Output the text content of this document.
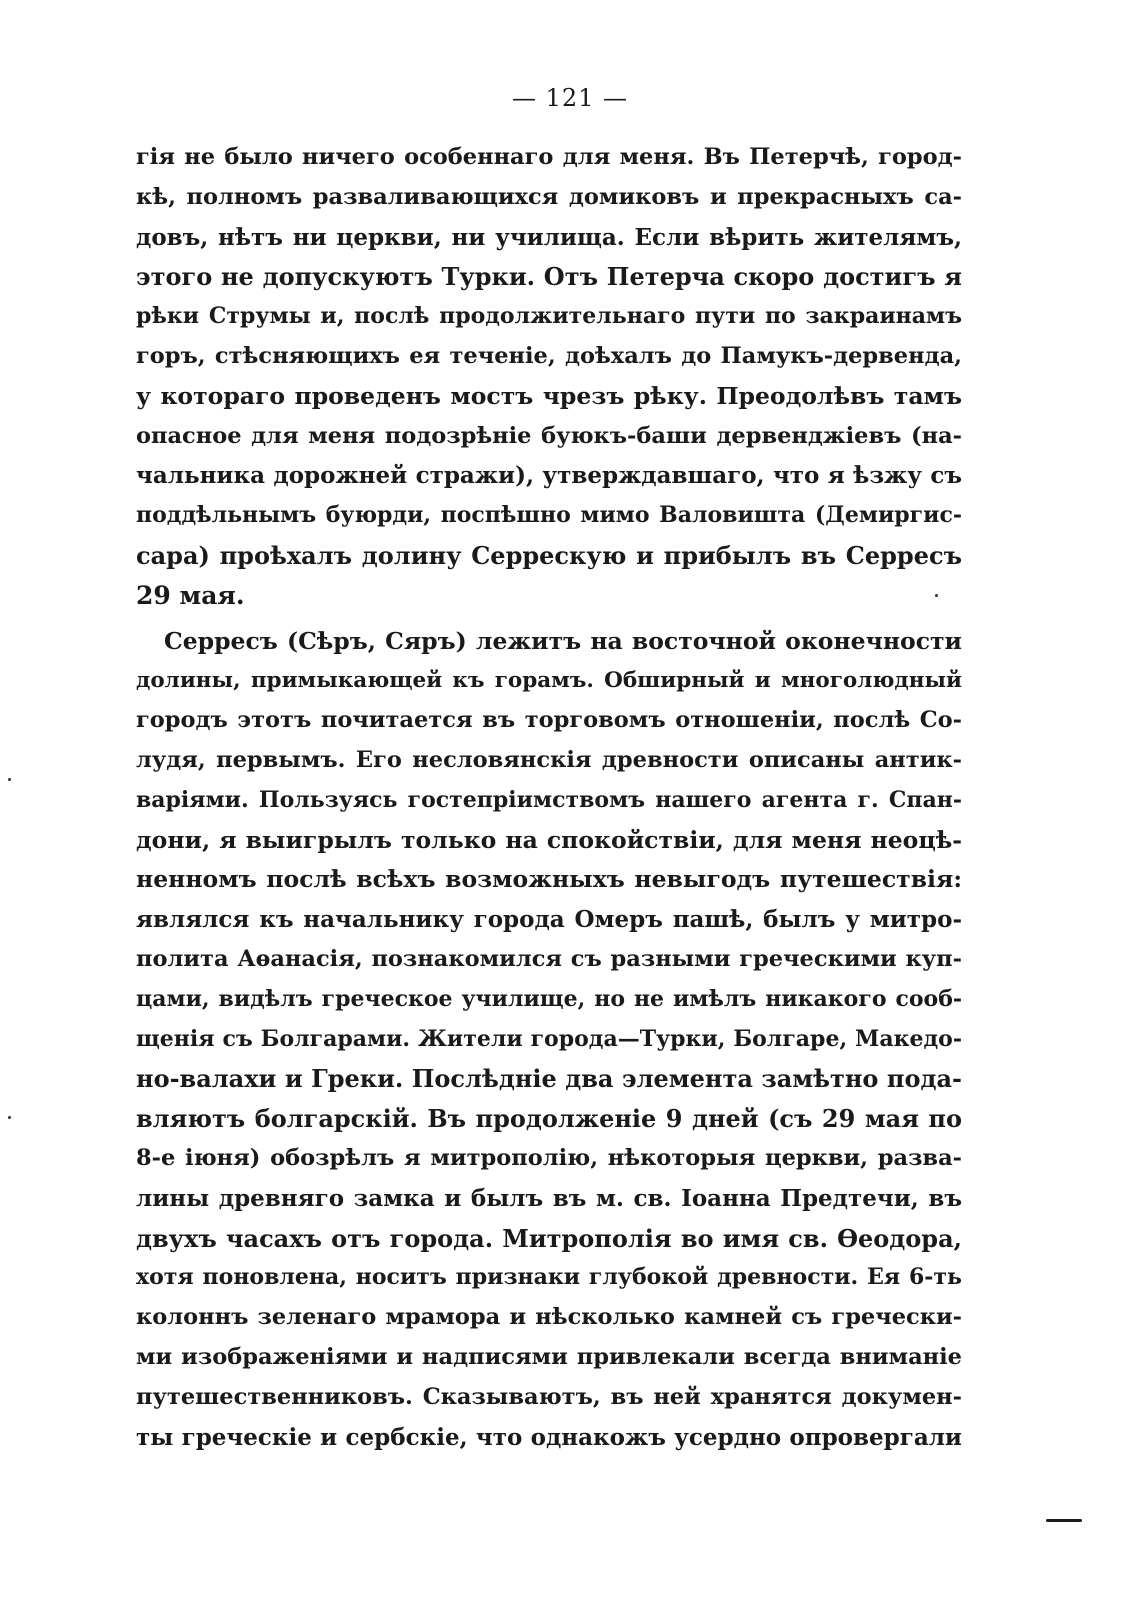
— 121 —
гія не было ничего особеннаго для меня. Въ Петерчѣ, город-
кѣ, полномъ разваливающихся домиковъ и прекрасныхъ са-
довъ, нѣтъ ни церкви, ни училища. Если вѣрить жителямъ,
этого не допускуютъ Турки. Отъ Петерча скоро достигъ я
рѣки Струмы и, послѣ продолжительнаго пути по закраинамъ
горъ, стѣсняющихъ ея теченіе, доѣхалъ до Памукъ-дервенда,
у котораго проведенъ мостъ чрезъ рѣку. Преодолѣвъ тамъ
опасное для меня подозрѣніе буюкъ-баши дервенджіевъ (на-
чальника дорожней стражи), утверждавшаго, что я ѣзжу съ
поддѣльнымъ буюрди, поспѣшно мимо Валовишта (Демиргис-
сара) проѣхалъ долину Серрескую и прибылъ въ Серресъ
29 мая.
Серресъ (Сѣръ, Сяръ) лежитъ на восточной оконечности
долины, примыкающей къ горамъ. Обширный и многолюдный
городъ этотъ почитается въ торговомъ отношеніи, послѣ Со-
лудя, первымъ. Его несловянскія древности описаны антик-
варіями. Пользуясь гостепріимствомъ нашего агента г. Спан-
дони, я выигрылъ только на спокойствіи, для меня неоцѣ-
ненномъ послѣ всѣхъ возможныхъ невыгодъ путешествія:
являлся къ начальнику города Омеръ пашѣ, былъ у митро-
полита Аѳанасія, познакомился съ разными греческими куп-
цами, видѣлъ греческое училище, но не имѣлъ никакого сооб-
щенія съ Болгарами. Жители города—Турки, Болгаре, Македо-
но-валахи и Греки. Послѣдніе два элемента замѣтно пода-
вляютъ болгарскій. Въ продолженіе 9 дней (съ 29 мая по
8-е іюня) обозрѣлъ я митрополію, нѣкоторыя церкви, разва-
лины древняго замка и былъ въ м. св. Іоанна Предтечи, въ
двухъ часахъ отъ города. Митрополія во имя св. Ѳеодора,
хотя поновлена, носитъ признаки глубокой древности. Ея 6-ть
колоннъ зеленаго мрамора и нѣсколько камней съ гречески-
ми изображеніями и надписями привлекали всегда вниманіе
путешественниковъ. Сказываютъ, въ ней хранятся докумен-
ты греческіе и сербскіе, что однакожъ усердно опровергали
